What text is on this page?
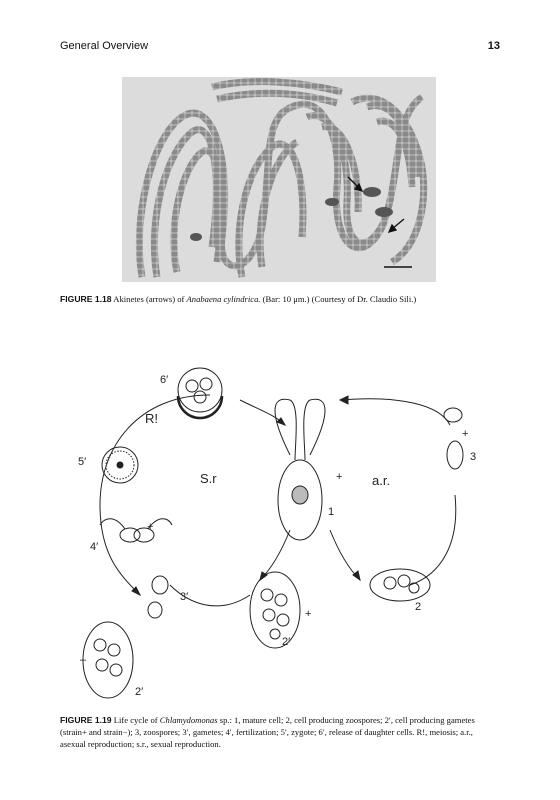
General Overview	13
FIGURE 1.18 Akinetes (arrows) of Anabaena cylindrica. (Bar: 10 μm.) (Courtesy of Dr. Claudio Sili.)
1
2
2′
2′
3
3′
4′
5′
6′
R!
S.r	a.r.
+
+
–
+
+
FIGURE 1.19 Life cycle of Chlamydomonas sp.: 1, mature cell; 2, cell producing zoospores; 2′, cell producing gametes (strain+ and strain−); 3, zoospores; 3′, gametes; 4′, fertilization; 5′, zygote; 6′, release of daughter cells. R!, meiosis; a.r., asexual reproduction; s.r., sexual reproduction.
